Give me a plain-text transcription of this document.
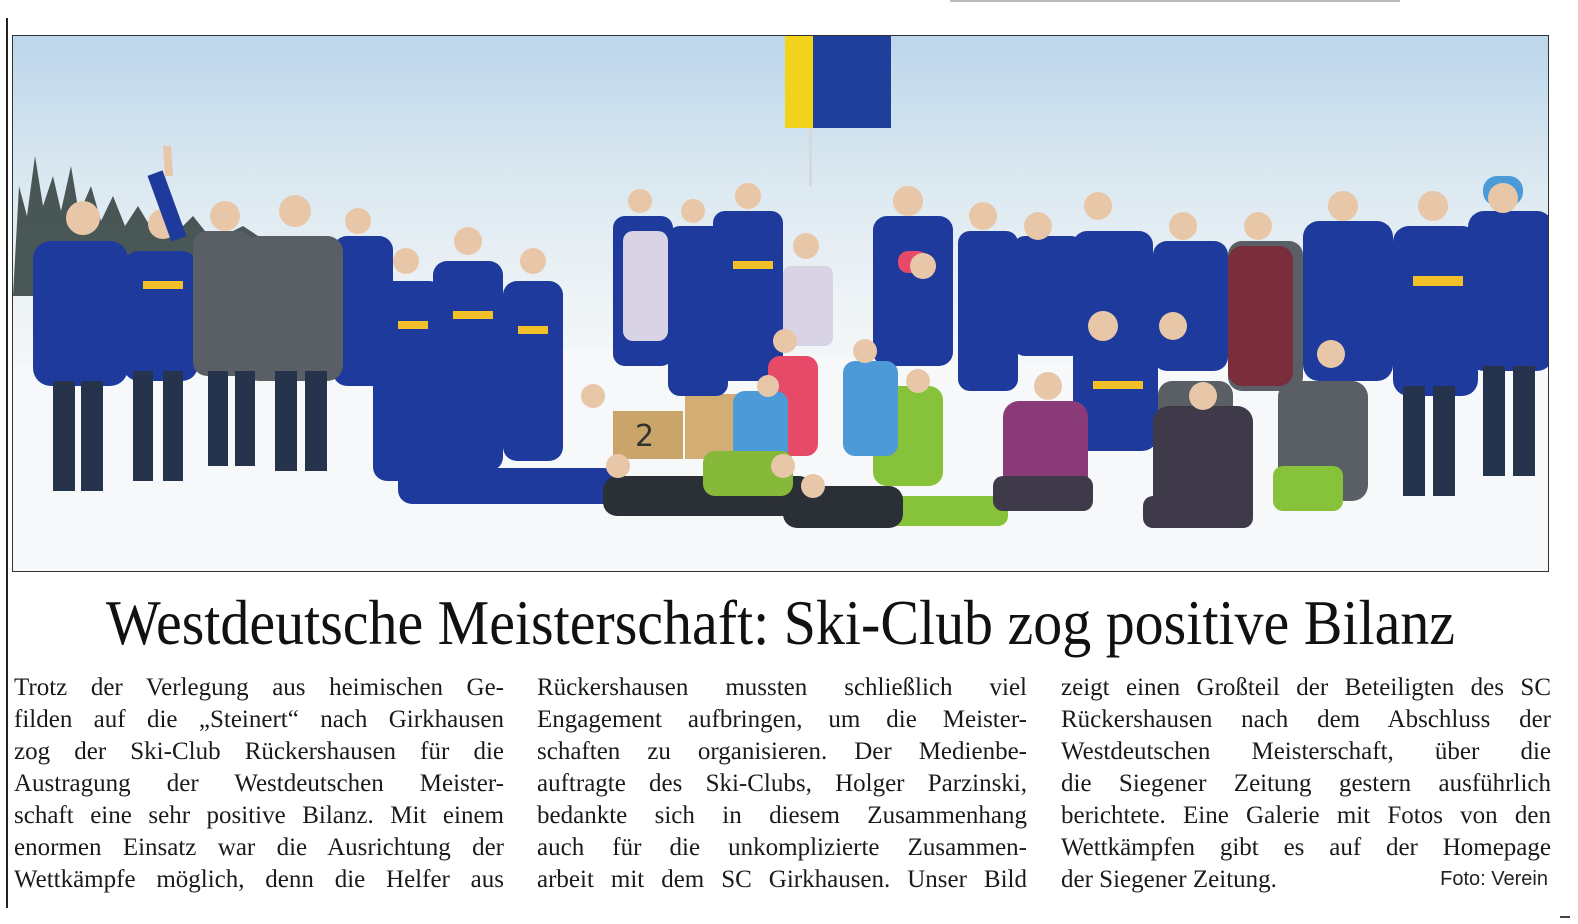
2
Westdeutsche Meisterschaft: Ski-Club zog positive Bilanz
Trotz der Verlegung aus heimischen Ge-
filden auf die „Steinert“ nach Girkhausen
zog der Ski-Club Rückershausen für die
Austragung der Westdeutschen Meister-
schaft eine sehr positive Bilanz. Mit einem
enormen Einsatz war die Ausrichtung der
Wettkämpfe möglich, denn die Helfer aus
Rückershausen mussten schließlich viel
Engagement aufbringen, um die Meister-
schaften zu organisieren. Der Medienbe-
auftragte des Ski-Clubs, Holger Parzinski,
bedankte sich in diesem Zusammenhang
auch für die unkomplizierte Zusammen-
arbeit mit dem SC Girkhausen. Unser Bild
zeigt einen Großteil der Beteiligten des SC
Rückershausen nach dem Abschluss der
Westdeutschen Meisterschaft, über die
die Siegener Zeitung gestern ausführlich
berichtete. Eine Galerie mit Fotos von den
Wettkämpfen gibt es auf der Homepage
der Siegener Zeitung.	Foto: Verein
